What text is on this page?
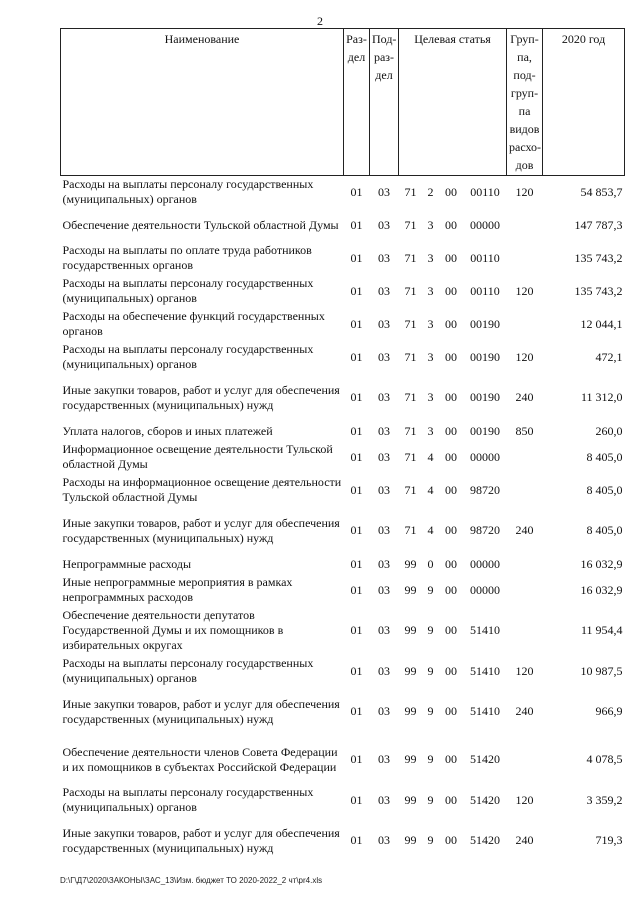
2
Наименование	Раз-дел	Под-раз-дел	Целевая статья				Груп-па, под-груп-па видов расхо-дов	2020 год
Расходы на выплаты персоналу государственных (муниципальных) органов	01	03	71	2	00	00110	120	54 853,7
Обеспечение деятельности Тульской областной Думы	01	03	71	3	00	00000		147 787,3
Расходы на выплаты по оплате труда работников государственных органов	01	03	71	3	00	00110		135 743,2
Расходы на выплаты персоналу государственных (муниципальных) органов	01	03	71	3	00	00110	120	135 743,2
Расходы на обеспечение функций государственных органов	01	03	71	3	00	00190		12 044,1
Расходы на выплаты персоналу государственных (муниципальных) органов	01	03	71	3	00	00190	120	472,1
Иные закупки товаров, работ и услуг для обеспечения государственных (муниципальных) нужд	01	03	71	3	00	00190	240	11 312,0
Уплата налогов, сборов и иных платежей	01	03	71	3	00	00190	850	260,0
Информационное освещение деятельности Тульской областной Думы	01	03	71	4	00	00000		8 405,0
Расходы на информационное освещение деятельности Тульской областной Думы	01	03	71	4	00	98720		8 405,0
Иные закупки товаров, работ и услуг для обеспечения государственных (муниципальных) нужд	01	03	71	4	00	98720	240	8 405,0
Непрограммные расходы	01	03	99	0	00	00000		16 032,9
Иные непрограммные мероприятия в рамках непрограммных расходов	01	03	99	9	00	00000		16 032,9
Обеспечение деятельности депутатов Государственной Думы и их помощников в избирательных округах	01	03	99	9	00	51410		11 954,4
Расходы на выплаты персоналу государственных (муниципальных) органов	01	03	99	9	00	51410	120	10 987,5
Иные закупки товаров, работ и услуг для обеспечения государственных (муниципальных) нужд	01	03	99	9	00	51410	240	966,9
Обеспечение деятельности членов Совета Федерации и их помощников в субъектах Российской Федерации	01	03	99	9	00	51420		4 078,5
Расходы на выплаты персоналу государственных (муниципальных) органов	01	03	99	9	00	51420	120	3 359,2
Иные закупки товаров, работ и услуг для обеспечения государственных (муниципальных) нужд	01	03	99	9	00	51420	240	719,3
D:\Г\Д7\2020\ЗАКОНЫ\ЗАС_13\Изм. бюджет ТО 2020-2022_2 чт\pr4.xls
